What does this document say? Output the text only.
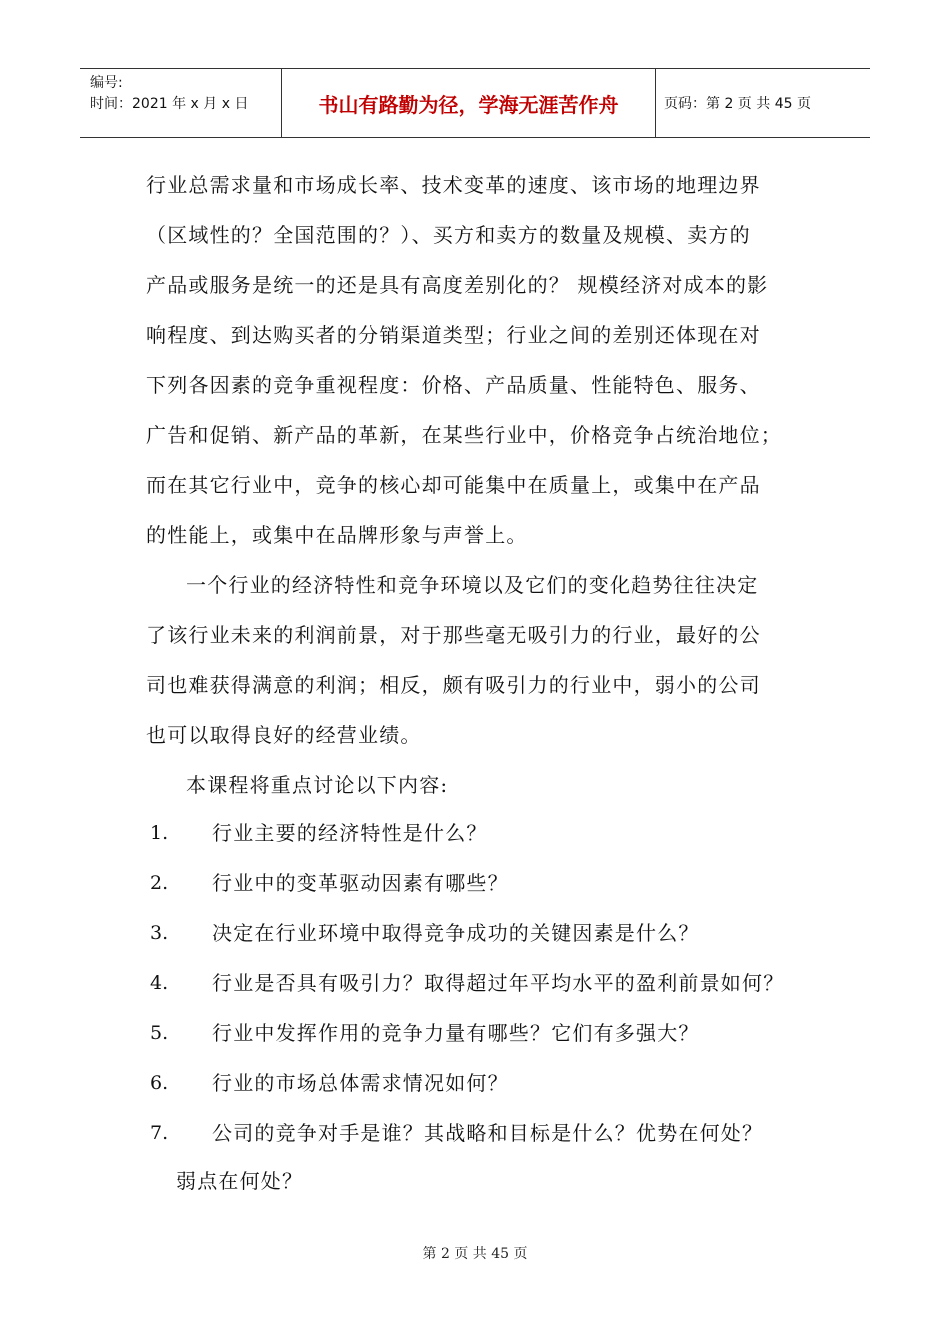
编号:
时间：2021 年 x 月 x 日	书山有路勤为径，学海无涯苦作舟	页码：第 2 页 共 45 页
行业总需求量和市场成长率、技术变革的速度、该市场的地理边界
（区域性的？全国范围的？）、买方和卖方的数量及规模、卖方的
产品或服务是统一的还是具有高度差别化的？ 规模经济对成本的影
响程度、到达购买者的分销渠道类型；行业之间的差别还体现在对
下列各因素的竞争重视程度：价格、产品质量、性能特色、服务、
广告和促销、新产品的革新，在某些行业中，价格竞争占统治地位；
而在其它行业中，竞争的核心却可能集中在质量上，或集中在产品
的性能上，或集中在品牌形象与声誉上。
一个行业的经济特性和竞争环境以及它们的变化趋势往往决定
了该行业未来的利润前景，对于那些毫无吸引力的行业，最好的公
司也难获得满意的利润；相反，颇有吸引力的行业中，弱小的公司
也可以取得良好的经营业绩。
本课程将重点讨论以下内容:
1. 行业主要的经济特性是什么？
2. 行业中的变革驱动因素有哪些？
3. 决定在行业环境中取得竞争成功的关键因素是什么？
4. 行业是否具有吸引力？取得超过年平均水平的盈利前景如何？
5. 行业中发挥作用的竞争力量有哪些？它们有多强大？
6. 行业的市场总体需求情况如何？
7. 公司的竞争对手是谁？其战略和目标是什么？优势在何处？
弱点在何处？
第 2 页 共 45 页
